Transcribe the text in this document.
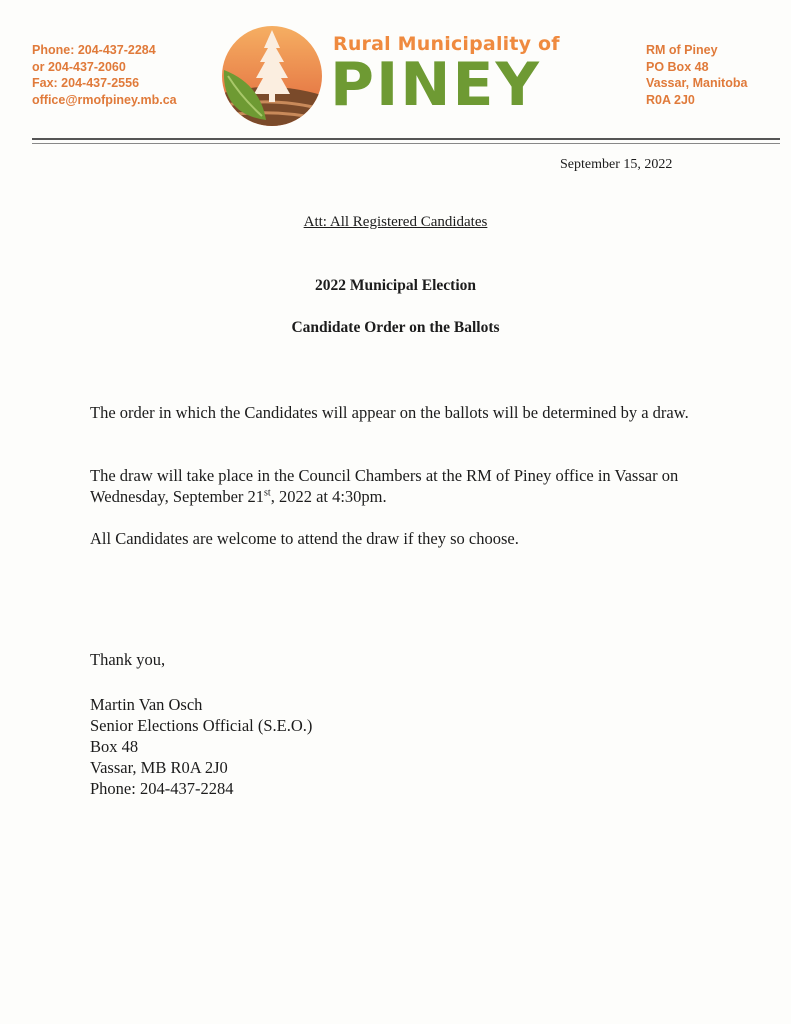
Phone: 204-437-2284
or 204-437-2060
Fax: 204-437-2556
office@rmofpiney.mb.ca
Rural Municipality of
PINEY	RM of Piney
PO Box 48
Vassar, Manitoba
R0A 2J0
September 15, 2022
Att: All Registered Candidates
2022 Municipal Election
Candidate Order on the Ballots
The order in which the Candidates will appear on the ballots will be determined by a draw.
The draw will take place in the Council Chambers at the RM of Piney office in Vassar on Wednesday, September 21st, 2022 at 4:30pm.
All Candidates are welcome to attend the draw if they so choose.
Thank you,
Martin Van Osch
Senior Elections Official (S.E.O.)
Box 48
Vassar, MB R0A 2J0
Phone: 204-437-2284
